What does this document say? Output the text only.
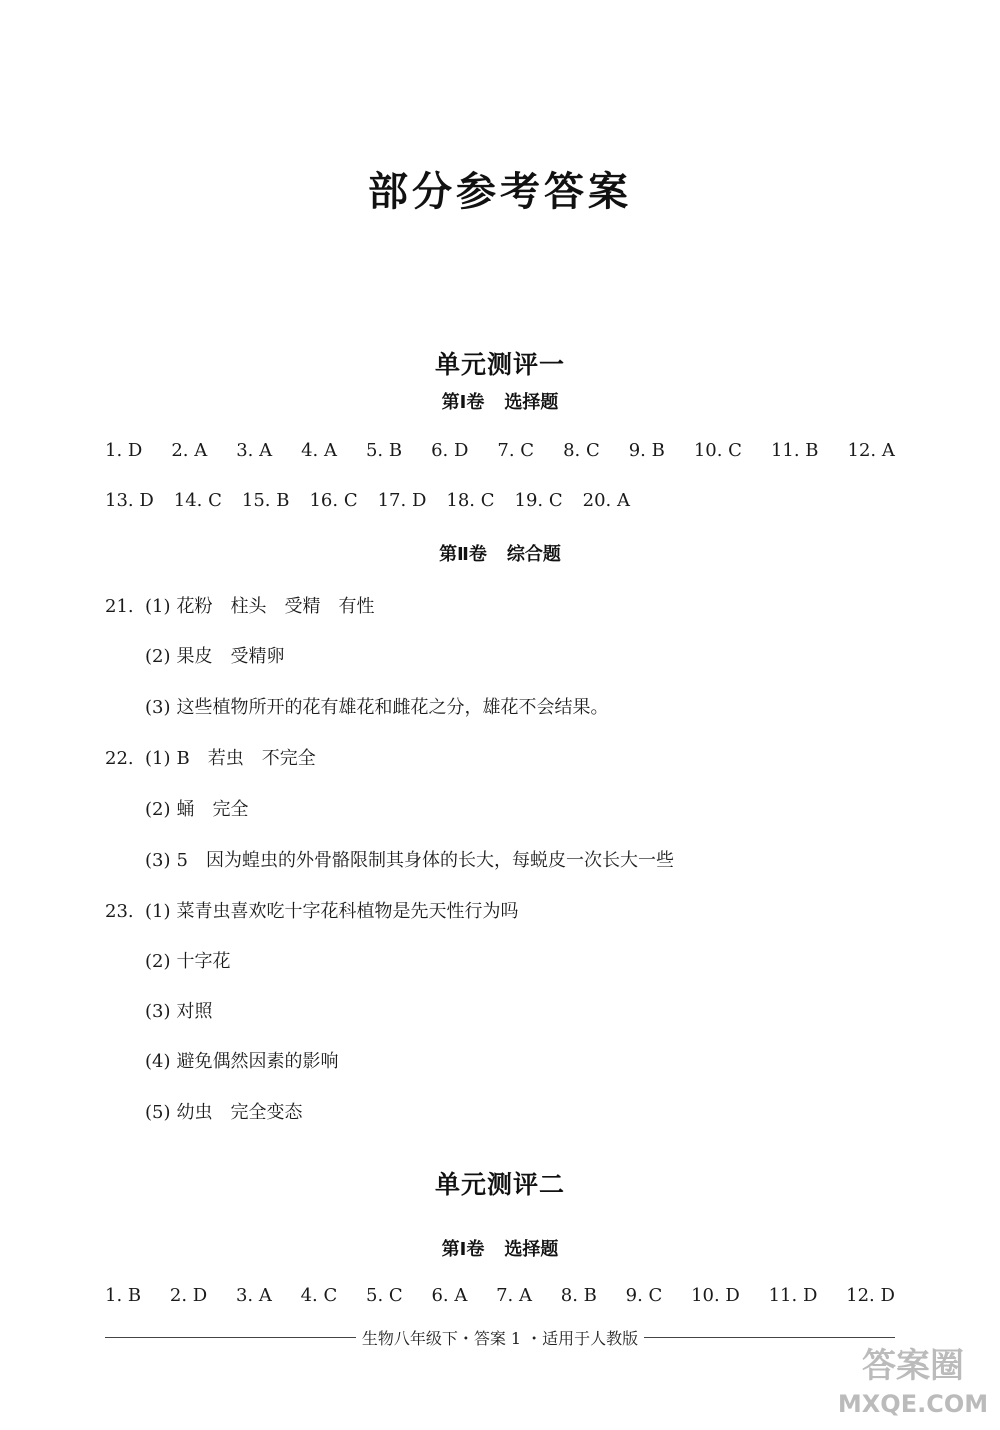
部分参考答案
单元测评一
第Ⅰ卷 选择题
1. D 2. A 3. A 4. A 5. B 6. D 7. C 8. C 9. B 10. C 11. B 12. A
13. D 14. C 15. B 16. C 17. D 18. C 19. C 20. A
第Ⅱ卷 综合题
21. (1) 花粉　柱头　受精　有性
(2) 果皮　受精卵
(3) 这些植物所开的花有雄花和雌花之分，雄花不会结果。
22. (1) B　若虫　不完全
(2) 蛹　完全
(3) 5　因为蝗虫的外骨骼限制其身体的长大，每蜕皮一次长大一些
23. (1) 菜青虫喜欢吃十字花科植物是先天性行为吗
(2) 十字花
(3) 对照
(4) 避免偶然因素的影响
(5) 幼虫　完全变态
单元测评二
第Ⅰ卷 选择题
1. B 2. D 3. A 4. C 5. C 6. A 7. A 8. B 9. C 10. D 11. D 12. D
生物八年级下・答案 1 ・适用于人教版
答案圈
MXQE.COM
